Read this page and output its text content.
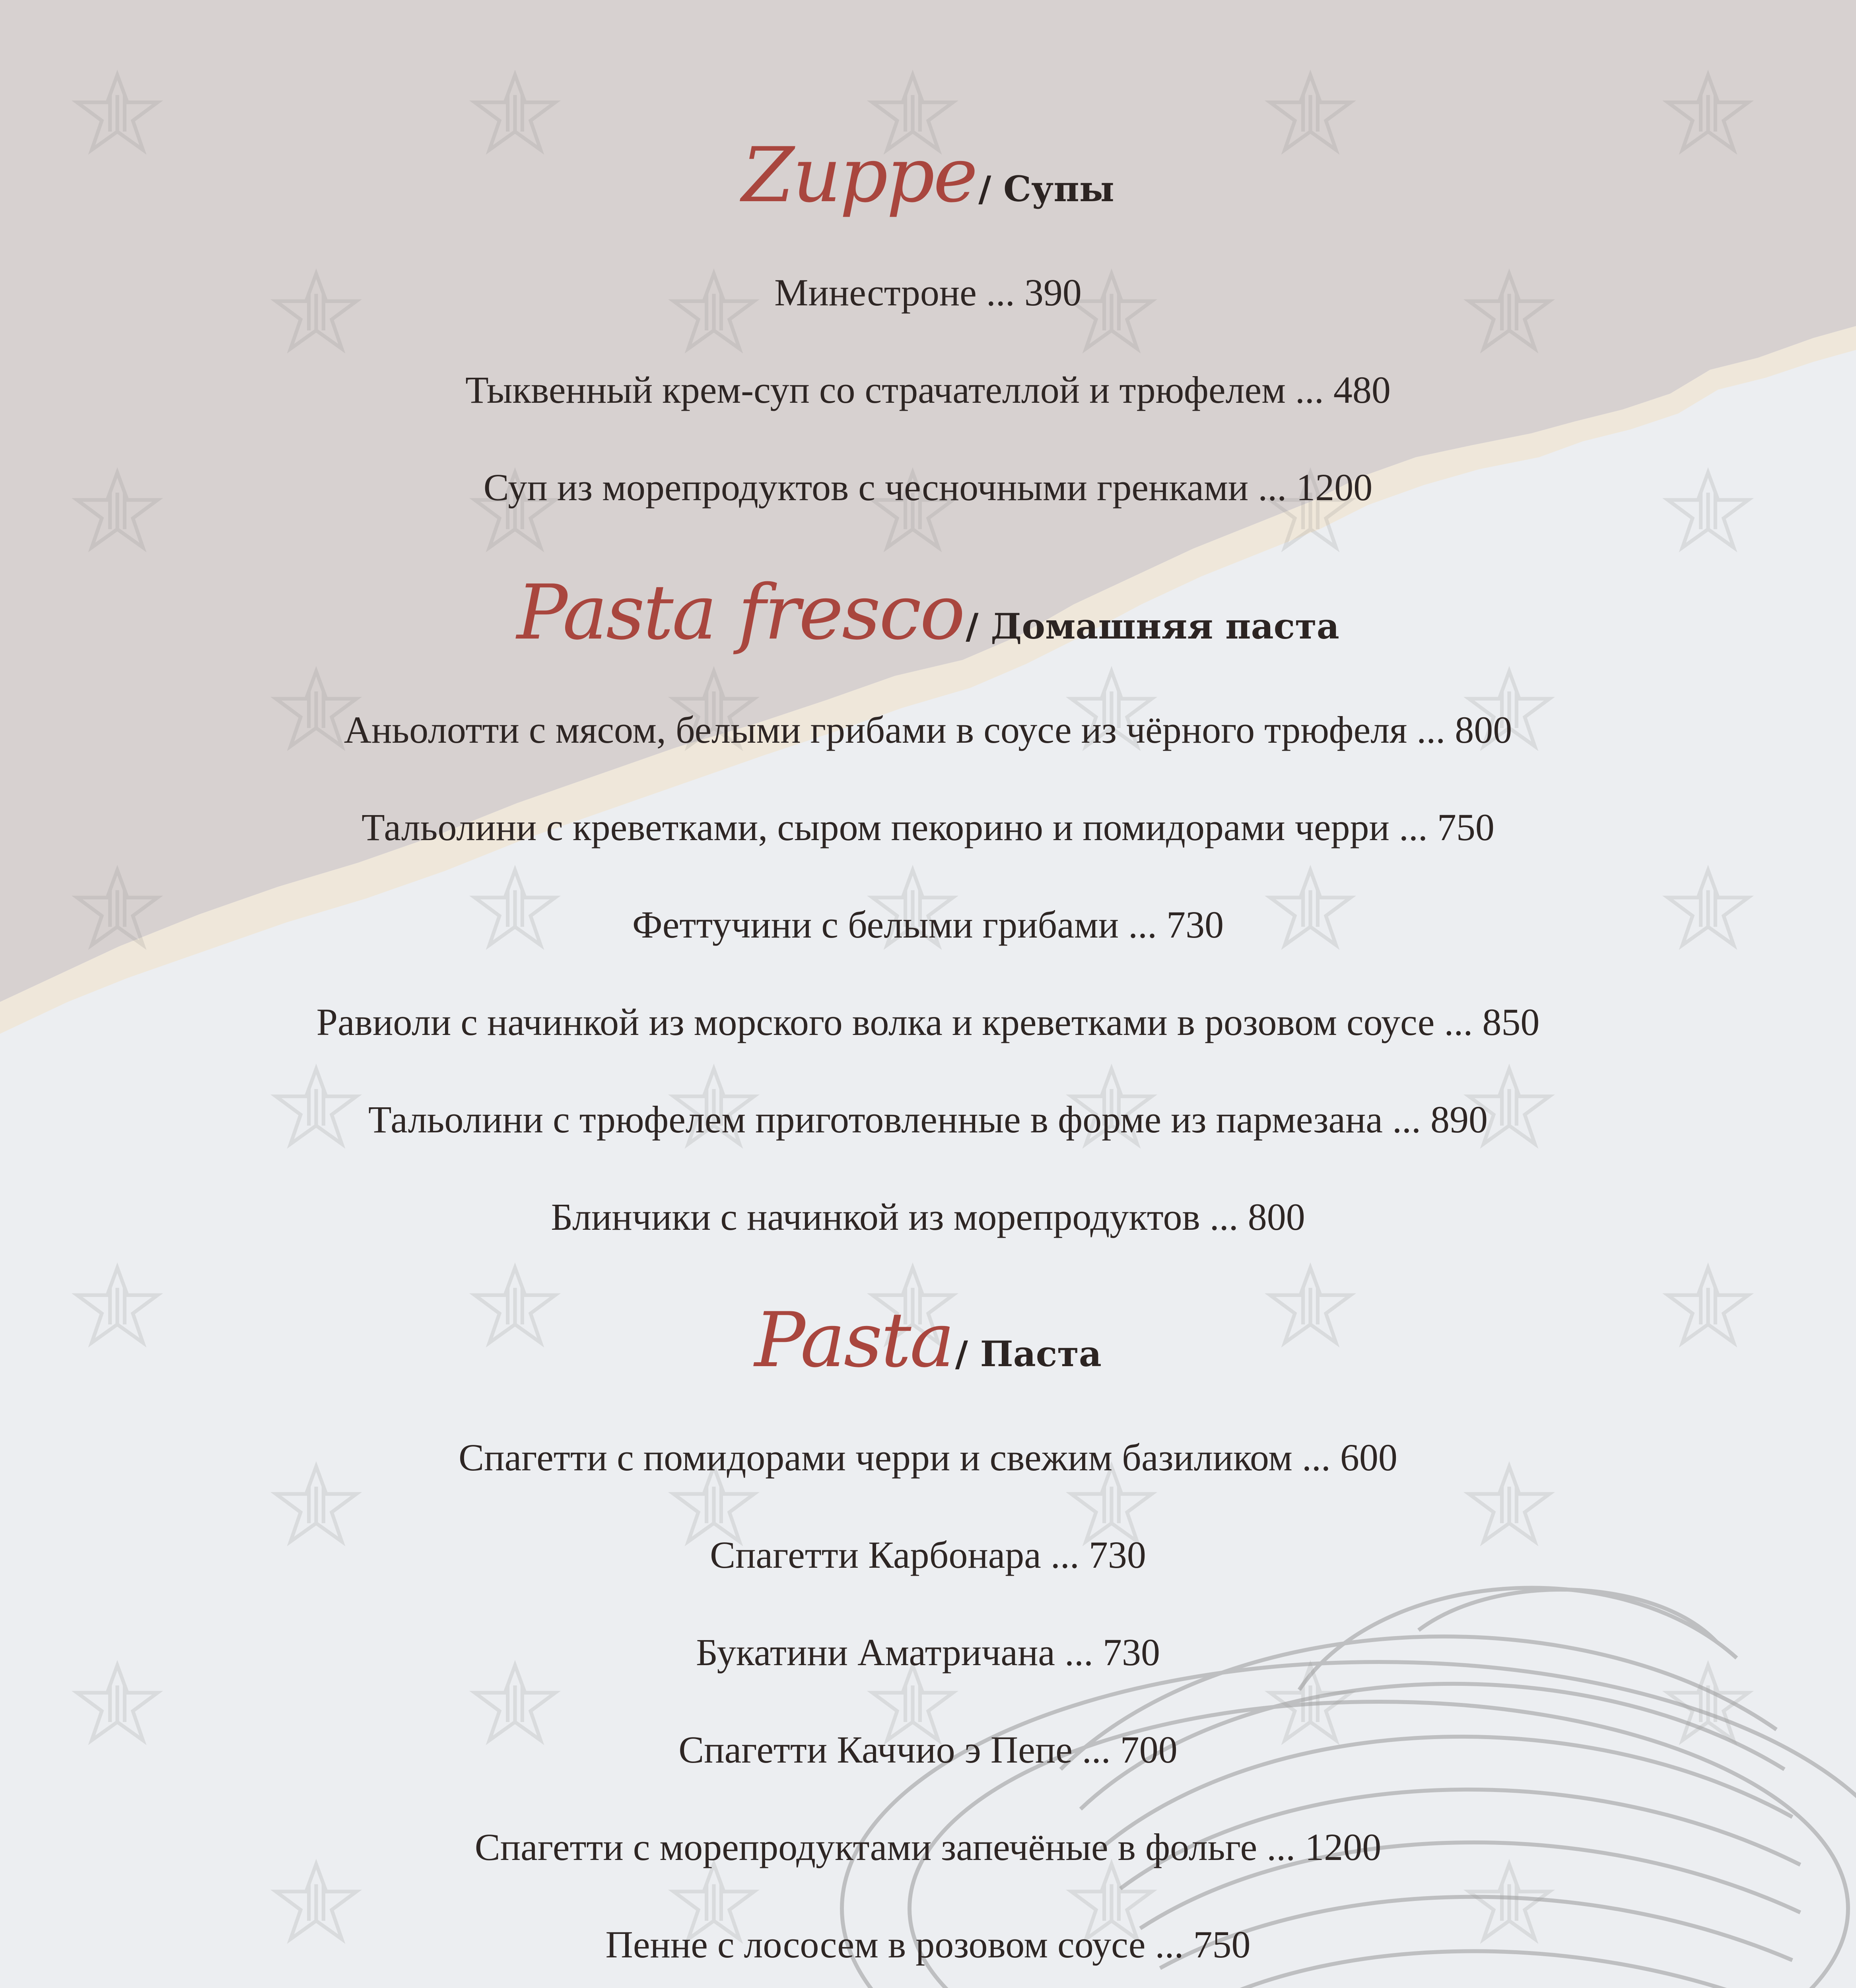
Zuppe / Супы
Минестроне ... 390
Тыквенный крем-суп со страчателлой и трюфелем ... 480
Суп из морепродуктов с чесночными гренками ... 1200
Pasta fresco / Домашняя паста
Аньолотти с мясом, белыми грибами в соусе из чёрного трюфеля ... 800
Тальолини с креветками, сыром пекорино и помидорами черри ... 750
Феттучини с белыми грибами ... 730
Равиоли с начинкой из морского волка и креветками в розовом соусе ... 850
Тальолини с трюфелем приготовленные в форме из пармезана ... 890
Блинчики с начинкой из морепродуктов ... 800
Pasta / Паста
Спагетти с помидорами черри и свежим базиликом ... 600
Спагетти Карбонара ... 730
Букатини Аматричана ... 730
Спагетти Каччио э Пепе ... 700
Спагетти с морепродуктами запечёные в фольге ... 1200
Пенне с лососем в розовом соусе ... 750
